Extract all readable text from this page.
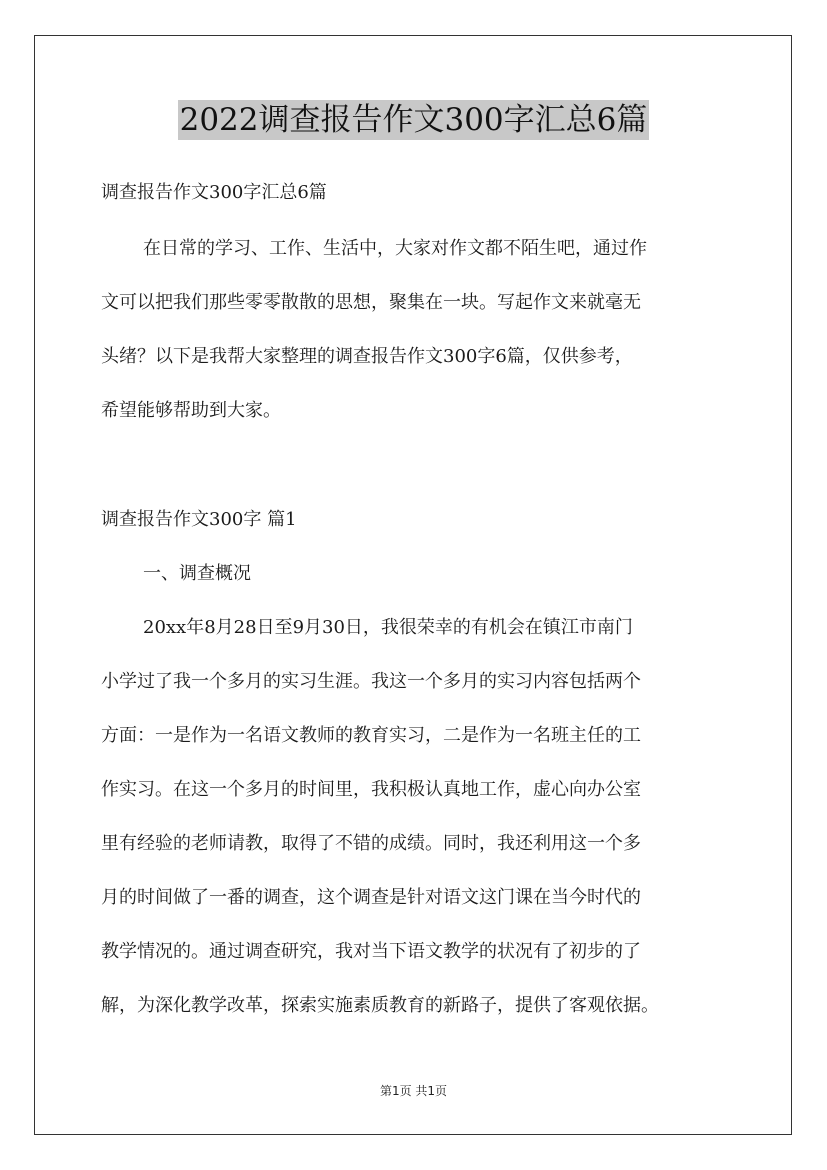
2022调查报告作文300字汇总6篇
调查报告作文300字汇总6篇
在日常的学习、工作、生活中，大家对作文都不陌生吧，通过作
文可以把我们那些零零散散的思想，聚集在一块。写起作文来就毫无
头绪？以下是我帮大家整理的调查报告作文300字6篇，仅供参考，
希望能够帮助到大家。
调查报告作文300字 篇1
一、调查概况
20xx年8月28日至9月30日，我很荣幸的有机会在镇江市南门
小学过了我一个多月的实习生涯。我这一个多月的实习内容包括两个
方面：一是作为一名语文教师的教育实习，二是作为一名班主任的工
作实习。在这一个多月的时间里，我积极认真地工作，虚心向办公室
里有经验的老师请教，取得了不错的成绩。同时，我还利用这一个多
月的时间做了一番的调查，这个调查是针对语文这门课在当今时代的
教学情况的。通过调查研究，我对当下语文教学的状况有了初步的了
解，为深化教学改革，探索实施素质教育的新路子，提供了客观依据。
第1页 共1页
